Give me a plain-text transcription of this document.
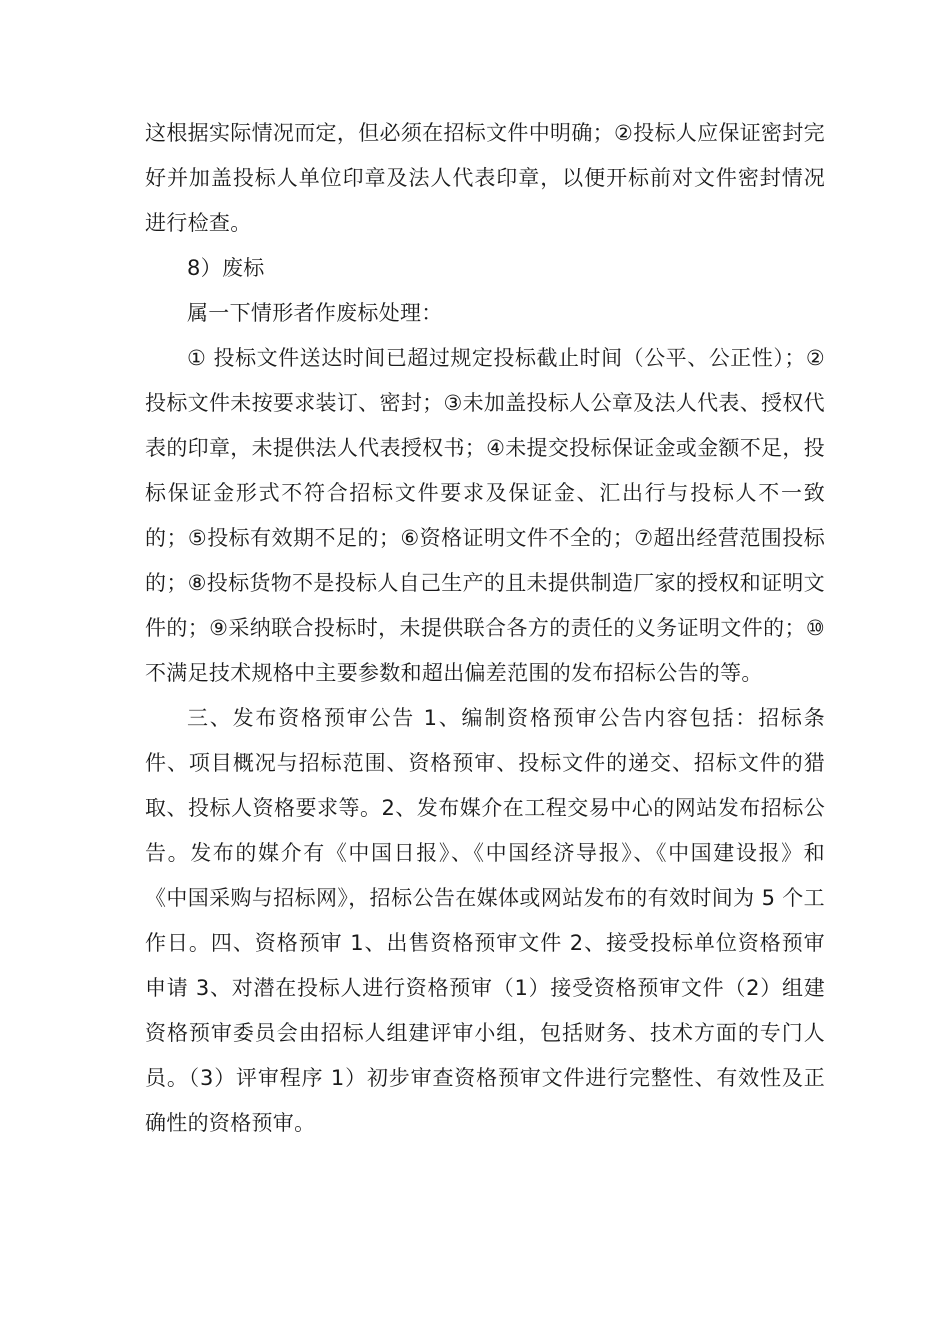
这根据实际情况而定，但必须在招标文件中明确；②投标人应保证密封完好并加盖投标人单位印章及法人代表印章，以便开标前对文件密封情况进行检查。

8）废标

属一下情形者作废标处理：

① 投标文件送达时间已超过规定投标截止时间（公平、公正性）；②投标文件未按要求装订、密封；③未加盖投标人公章及法人代表、授权代表的印章，未提供法人代表授权书；④未提交投标保证金或金额不足，投标保证金形式不符合招标文件要求及保证金、汇出行与投标人不一致的；⑤投标有效期不足的；⑥资格证明文件不全的；⑦超出经营范围投标的；⑧投标货物不是投标人自己生产的且未提供制造厂家的授权和证明文件的；⑨采纳联合投标时，未提供联合各方的责任的义务证明文件的；⑩不满足技术规格中主要参数和超出偏差范围的发布招标公告的等。

三、发布资格预审公告 1、编制资格预审公告内容包括：招标条件、项目概况与招标范围、资格预审、投标文件的递交、招标文件的猎取、投标人资格要求等。2、发布媒介在工程交易中心的网站发布招标公告。发布的媒介有《中国日报》、《中国经济导报》、《中国建设报》和《中国采购与招标网》，招标公告在媒体或网站发布的有效时间为 5 个工作日。四、资格预审 1、出售资格预审文件 2、接受投标单位资格预审申请 3、对潜在投标人进行资格预审（1）接受资格预审文件（2）组建资格预审委员会由招标人组建评审小组，包括财务、技术方面的专门人员。（3）评审程序 1）初步审查资格预审文件进行完整性、有效性及正确性的资格预审。
